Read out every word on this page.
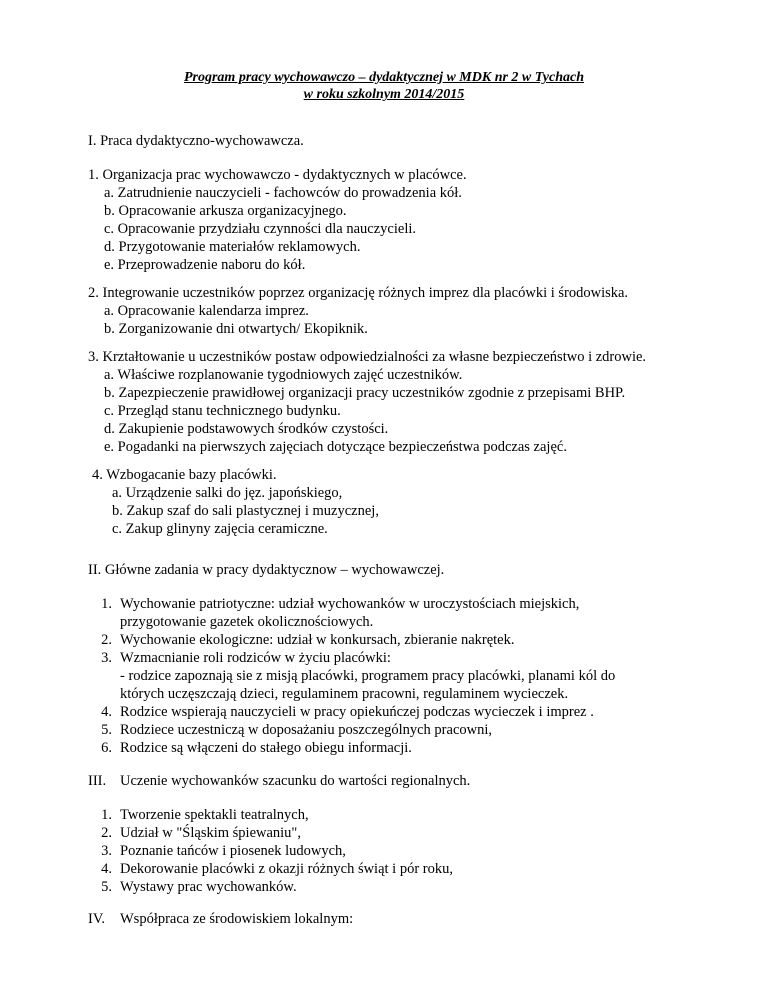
Program pracy wychowawczo – dydaktycznej w MDK nr 2 w Tychach
w roku szkolnym 2014/2015
I. Praca dydaktyczno-wychowawcza.
1. Organizacja prac wychowawczo - dydaktycznych w placówce.
a. Zatrudnienie nauczycieli - fachowców do prowadzenia kół.
b. Opracowanie arkusza organizacyjnego.
c. Opracowanie przydziału czynności dla nauczycieli.
d. Przygotowanie materiałów reklamowych.
e. Przeprowadzenie naboru do kół.
2. Integrowanie uczestników poprzez organizację różnych imprez dla placówki i środowiska.
a. Opracowanie kalendarza imprez.
b. Zorganizowanie dni otwartych/ Ekopiknik.
3. Krztałtowanie u uczestników postaw odpowiedzialności za własne bezpieczeństwo i zdrowie.
a. Właściwe rozplanowanie tygodniowych zajęć uczestników.
b. Zapezpieczenie prawidłowej organizacji pracy uczestników zgodnie z przepisami BHP.
c. Przegląd stanu technicznego budynku.
d. Zakupienie podstawowych środków czystości.
e. Pogadanki na pierwszych zajęciach dotyczące bezpieczeństwa podczas zajęć.
4. Wzbogacanie bazy placówki.
a. Urządzenie salki do jęz. japońskiego,
b. Zakup szaf do sali plastycznej i muzycznej,
c. Zakup glinyny zajęcia ceramiczne.
II. Główne zadania w pracy dydaktycznow – wychowawczej.
1. Wychowanie patriotyczne: udział wychowanków w uroczystościach miejskich,
przygotowanie gazetek okolicznościowych.
2. Wychowanie ekologiczne: udział w konkursach, zbieranie nakrętek.
3. Wzmacnianie roli rodziców w życiu placówki:
- rodzice zapoznają sie z misją placówki, programem pracy placówki, planami kól do
których uczęszczają dzieci, regulaminem pracowni, regulaminem wycieczek.
4. Rodzice wspierają nauczycieli w pracy opiekuńczej podczas wycieczek i imprez .
5. Rodziece uczestniczą w doposażaniu poszczególnych pracowni,
6. Rodzice są włączeni do stałego obiegu informacji.
III. Uczenie wychowanków szacunku do wartości regionalnych.
1. Tworzenie spektakli teatralnych,
2. Udział w "Śląskim śpiewaniu",
3. Poznanie tańców i piosenek ludowych,
4. Dekorowanie placówki z okazji różnych świąt i pór roku,
5. Wystawy prac wychowanków.
IV. Współpraca ze środowiskiem lokalnym:
